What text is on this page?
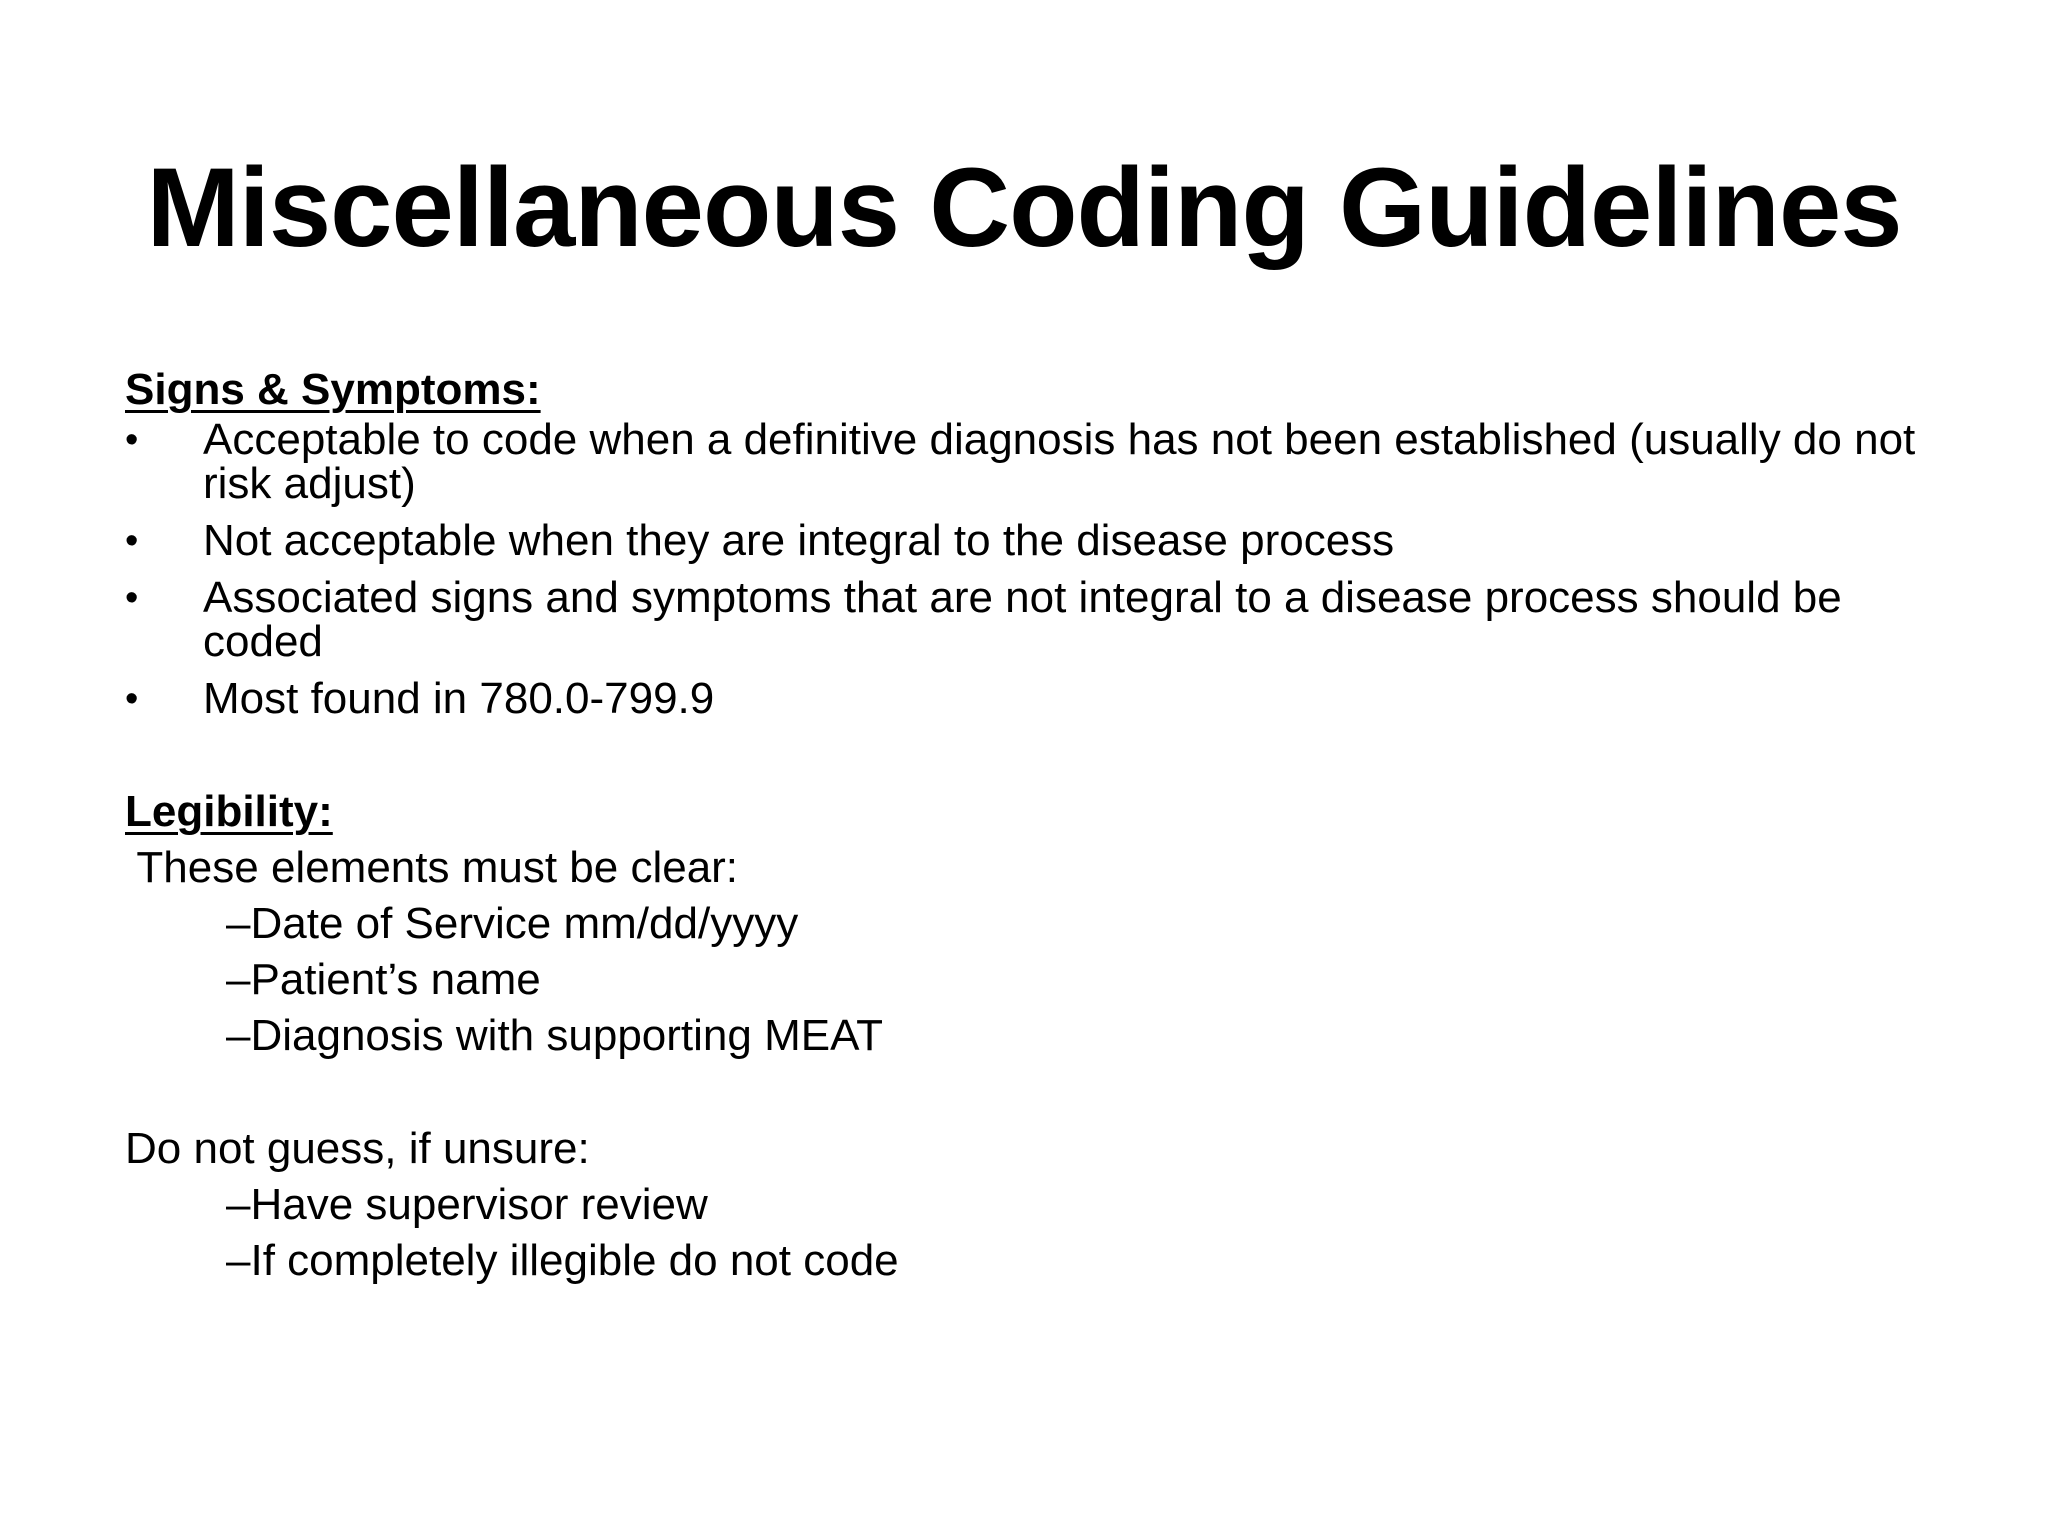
Miscellaneous Coding Guidelines

Signs & Symptoms:

• Acceptable to code when a definitive diagnosis has not been established (usually do not risk adjust)
• Not acceptable when they are integral to the disease process
• Associated signs and symptoms that are not integral to a disease process should be coded
• Most found in 780.0-799.9

Legibility:

These elements must be clear:

–Date of Service mm/dd/yyyy

–Patient’s name

–Diagnosis with supporting MEAT

Do not guess, if unsure:

–Have supervisor review

–If completely illegible do not code
